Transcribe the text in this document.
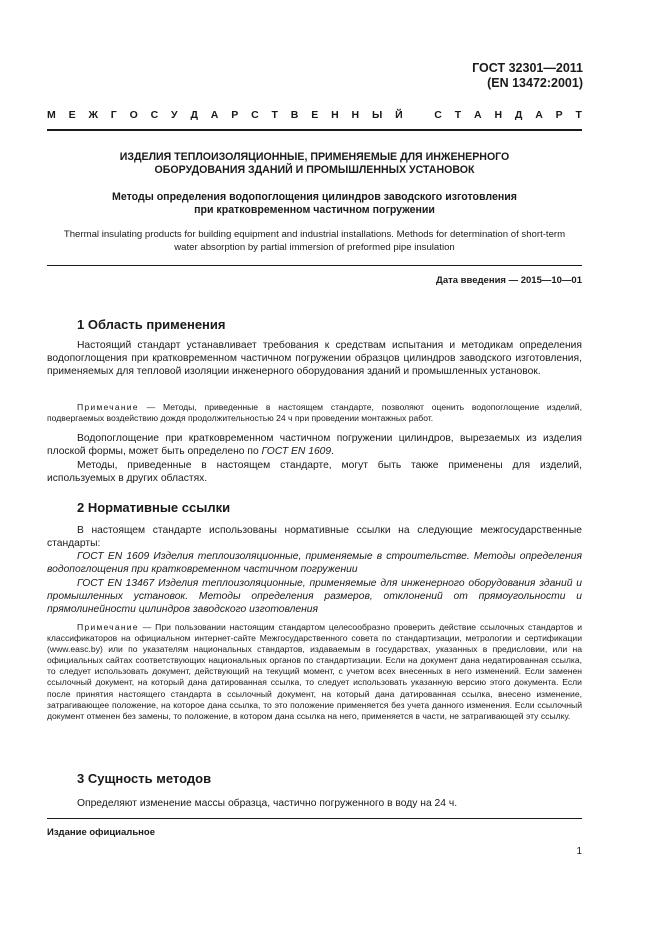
ГОСТ 32301—2011
(EN 13472:2001)
М Е Ж Г О С У Д А Р С Т В Е Н Н Ы Й	С Т А Н Д А Р Т
ИЗДЕЛИЯ ТЕПЛОИЗОЛЯЦИОННЫЕ, ПРИМЕНЯЕМЫЕ ДЛЯ ИНЖЕНЕРНОГО
ОБОРУДОВАНИЯ ЗДАНИЙ И ПРОМЫШЛЕННЫХ УСТАНОВОК
Методы определения водопоглощения цилиндров заводского изготовления
при кратковременном частичном погружении
Thermal insulating products for building equipment and industrial installations. Methods for determination of short-term
water absorption by partial immersion of preformed pipe insulation
Дата введения — 2015—10—01
1 Область применения
Настоящий стандарт устанавливает требования к средствам испытания и методикам определения водопоглощения при кратковременном частичном погружении образцов цилиндров заводского изготовления, применяемых для тепловой изоляции инженерного оборудования зданий и промышленных установок.
Примечание — Методы, приведенные в настоящем стандарте, позволяют оценить водопоглощение изделий, подвергаемых воздействию дождя продолжительностью 24 ч при проведении монтажных работ.
Водопоглощение при кратковременном частичном погружении цилиндров, вырезаемых из изделия плоской формы, может быть определено по ГОСТ EN 1609.
Методы, приведенные в настоящем стандарте, могут быть также применены для изделий, используемых в других областях.
2 Нормативные ссылки
В настоящем стандарте использованы нормативные ссылки на следующие межгосударственные стандарты:
ГОСТ EN 1609 Изделия теплоизоляционные, применяемые в строительстве. Методы определения водопоглощения при кратковременном частичном погружении
ГОСТ EN 13467 Изделия теплоизоляционные, применяемые для инженерного оборудования зданий и промышленных установок. Методы определения размеров, отклонений от прямоугольности и прямолинейности цилиндров заводского изготовления
Примечание — При пользовании настоящим стандартом целесообразно проверить действие ссылочных стандартов и классификаторов на официальном интернет-сайте Межгосударственного совета по стандартизации, метрологии и сертификации (www.easc.by) или по указателям национальных стандартов, издаваемым в государствах, указанных в предисловии, или на официальных сайтах соответствующих национальных органов по стандартизации. Если на документ дана недатированная ссылка, то следует использовать документ, действующий на текущий момент, с учетом всех внесенных в него изменений. Если заменен ссылочный документ, на который дана датированная ссылка, то следует использовать указанную версию этого документа. Если после принятия настоящего стандарта в ссылочный документ, на который дана датированная ссылка, внесено изменение, затрагивающее положение, на которое дана ссылка, то это положение применяется без учета данного изменения. Если ссылочный документ отменен без замены, то положение, в котором дана ссылка на него, применяется в части, не затрагивающей эту ссылку.
3 Сущность методов
Определяют изменение массы образца, частично погруженного в воду на 24 ч.
Издание официальное
1
